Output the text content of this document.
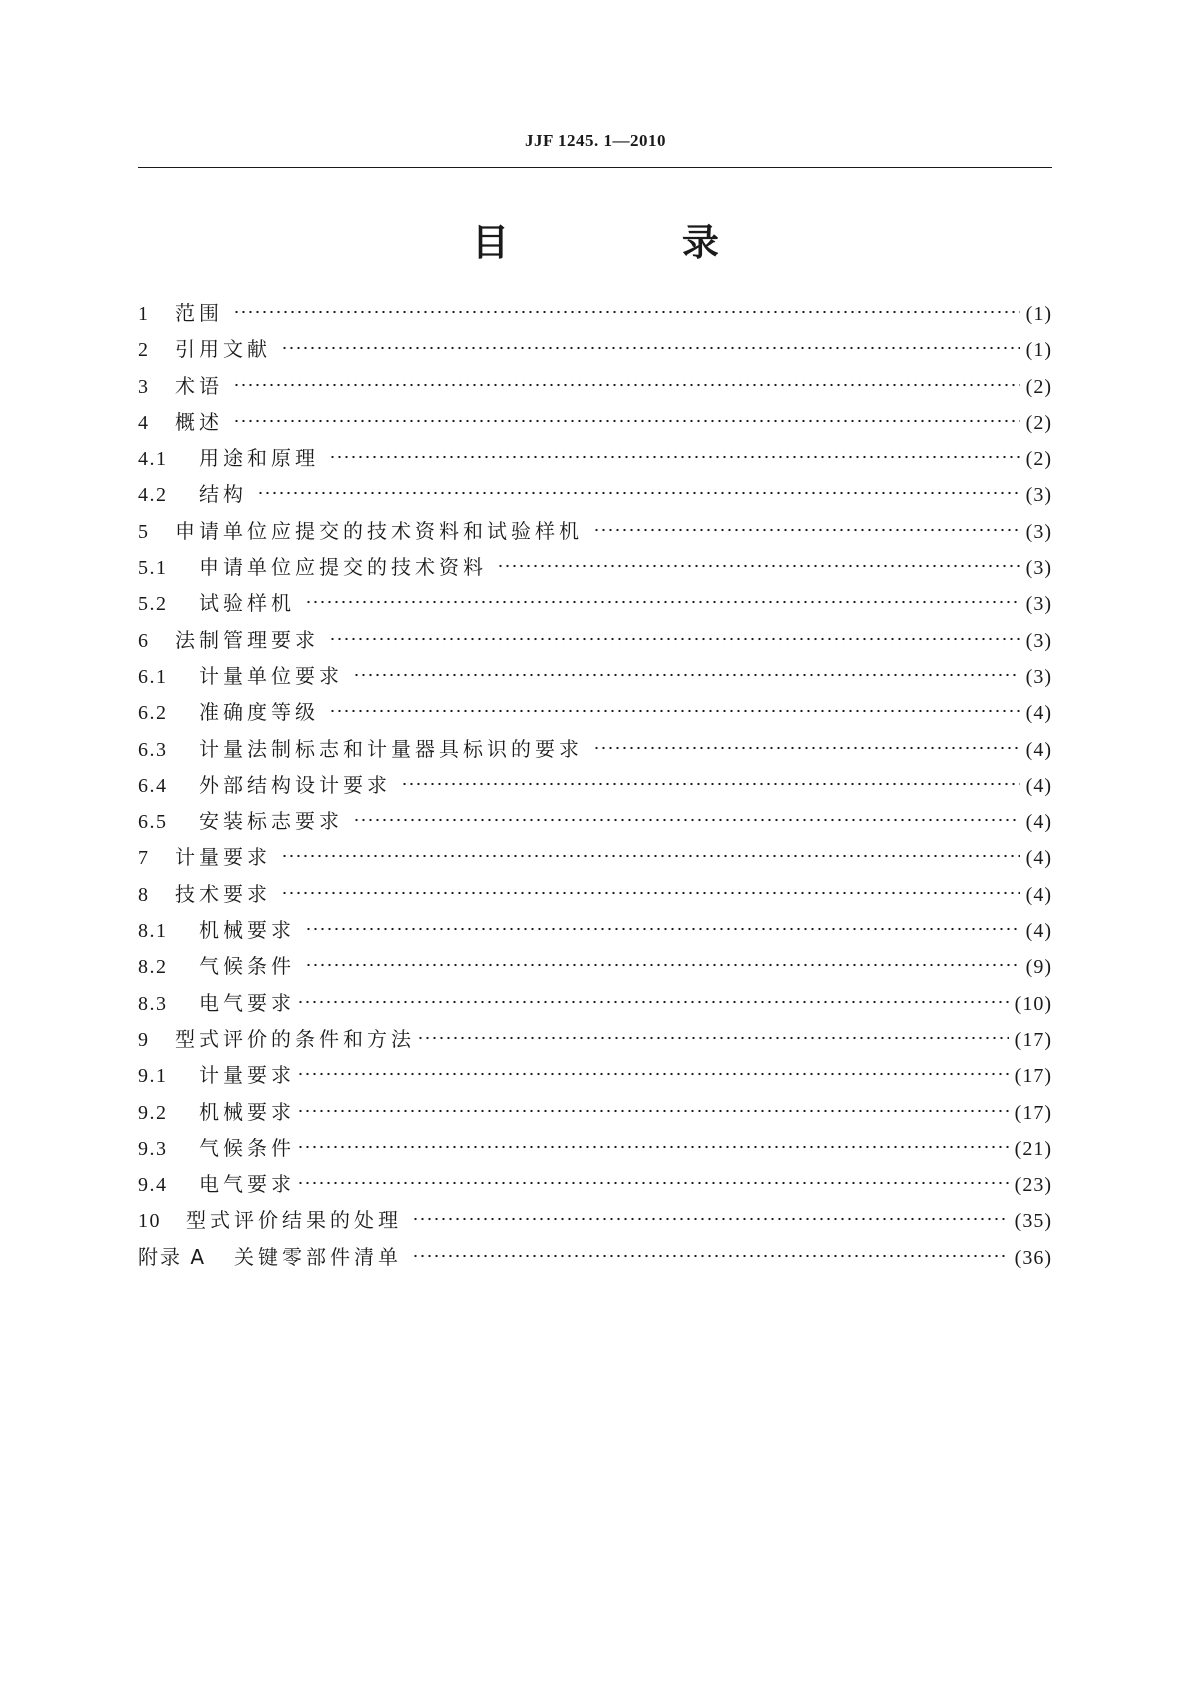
JJF 1245. 1—2010
目 录
1	范围	(1)
2	引用文献	(1)
3	术语	(2)
4	概述	(2)
4.1	用途和原理	(2)
4.2	结构	(3)
5	申请单位应提交的技术资料和试验样机	(3)
5.1	申请单位应提交的技术资料	(3)
5.2	试验样机	(3)
6	法制管理要求	(3)
6.1	计量单位要求	(3)
6.2	准确度等级	(4)
6.3	计量法制标志和计量器具标识的要求	(4)
6.4	外部结构设计要求	(4)
6.5	安装标志要求	(4)
7	计量要求	(4)
8	技术要求	(4)
8.1	机械要求	(4)
8.2	气候条件	(9)
8.3	电气要求	(10)
9	型式评价的条件和方法	(17)
9.1	计量要求	(17)
9.2	机械要求	(17)
9.3	气候条件	(21)
9.4	电气要求	(23)
10	型式评价结果的处理	(35)
附录 A	关键零部件清单	(36)
